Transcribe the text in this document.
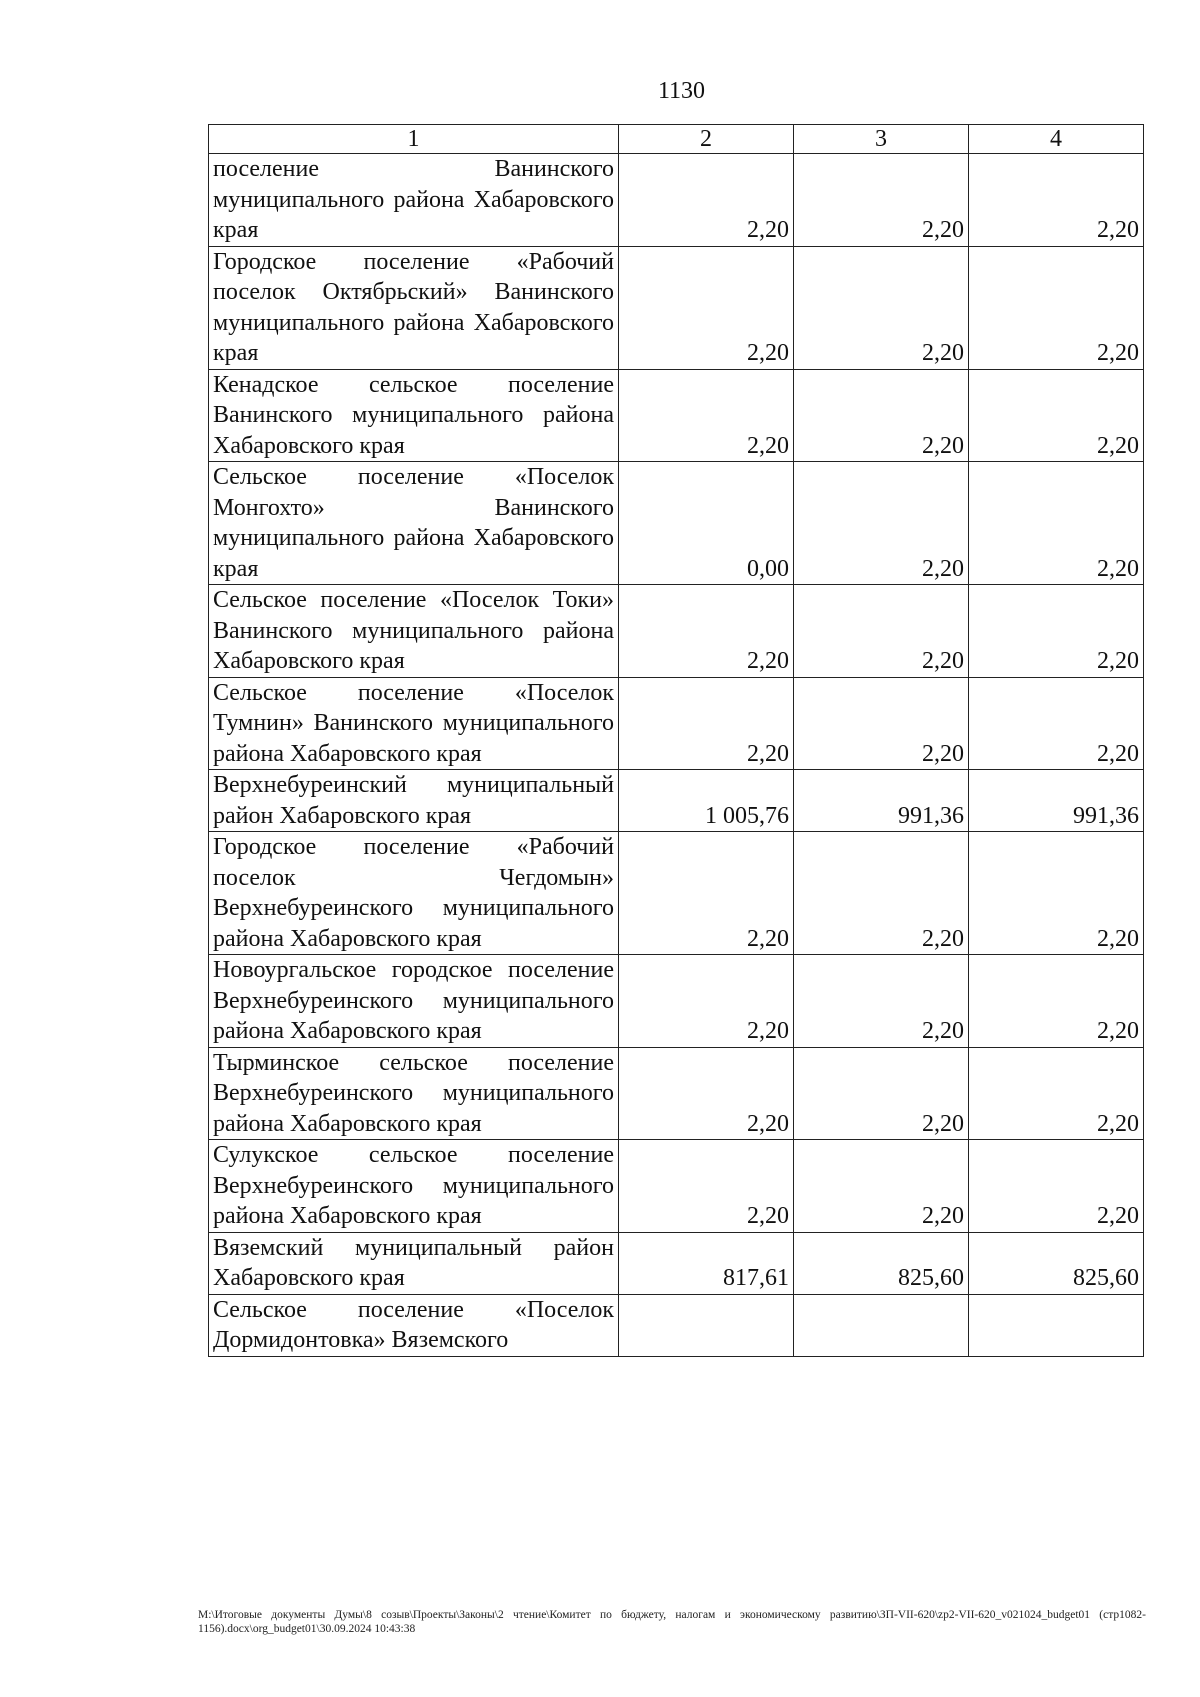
1130
1	2	3	4
поселение Ванинского муниципального района Хабаровского края	2,20	2,20	2,20
Городское поселение «Рабочий поселок Октябрьский» Ванинского муниципального района Хабаровского края	2,20	2,20	2,20
Кенадское сельское поселение Ванинского муниципального района Хабаровского края	2,20	2,20	2,20
Сельское поселение «Поселок Монгохто» Ванинского муниципального района Хабаровского края	0,00	2,20	2,20
Сельское поселение «Поселок Токи» Ванинского муниципального района Хабаровского края	2,20	2,20	2,20
Сельское поселение «Поселок Тумнин» Ванинского муниципального района Хабаровского края	2,20	2,20	2,20
Верхнебуреинский муниципальный район Хабаровского края	1 005,76	991,36	991,36
Городское поселение «Рабочий поселок Чегдомын» Верхнебуреинского муниципального района Хабаровского края	2,20	2,20	2,20
Новоургальское городское поселение Верхнебуреинского муниципального района Хабаровского края	2,20	2,20	2,20
Тырминское сельское поселение Верхнебуреинского муниципального района Хабаровского края	2,20	2,20	2,20
Сулукское сельское поселение Верхнебуреинского муниципального района Хабаровского края	2,20	2,20	2,20
Вяземский муниципальный район Хабаровского края	817,61	825,60	825,60
Сельское поселение «Поселок Дормидонтовка» Вяземского			
M:\Итоговые документы Думы\8 созыв\Проекты\Законы\2 чтение\Комитет по бюджету, налогам и экономическому развитию\ЗП-VII-620\zp2-VII-620_v021024_budget01 (стр1082-1156).docx\org_budget01\30.09.2024 10:43:38
